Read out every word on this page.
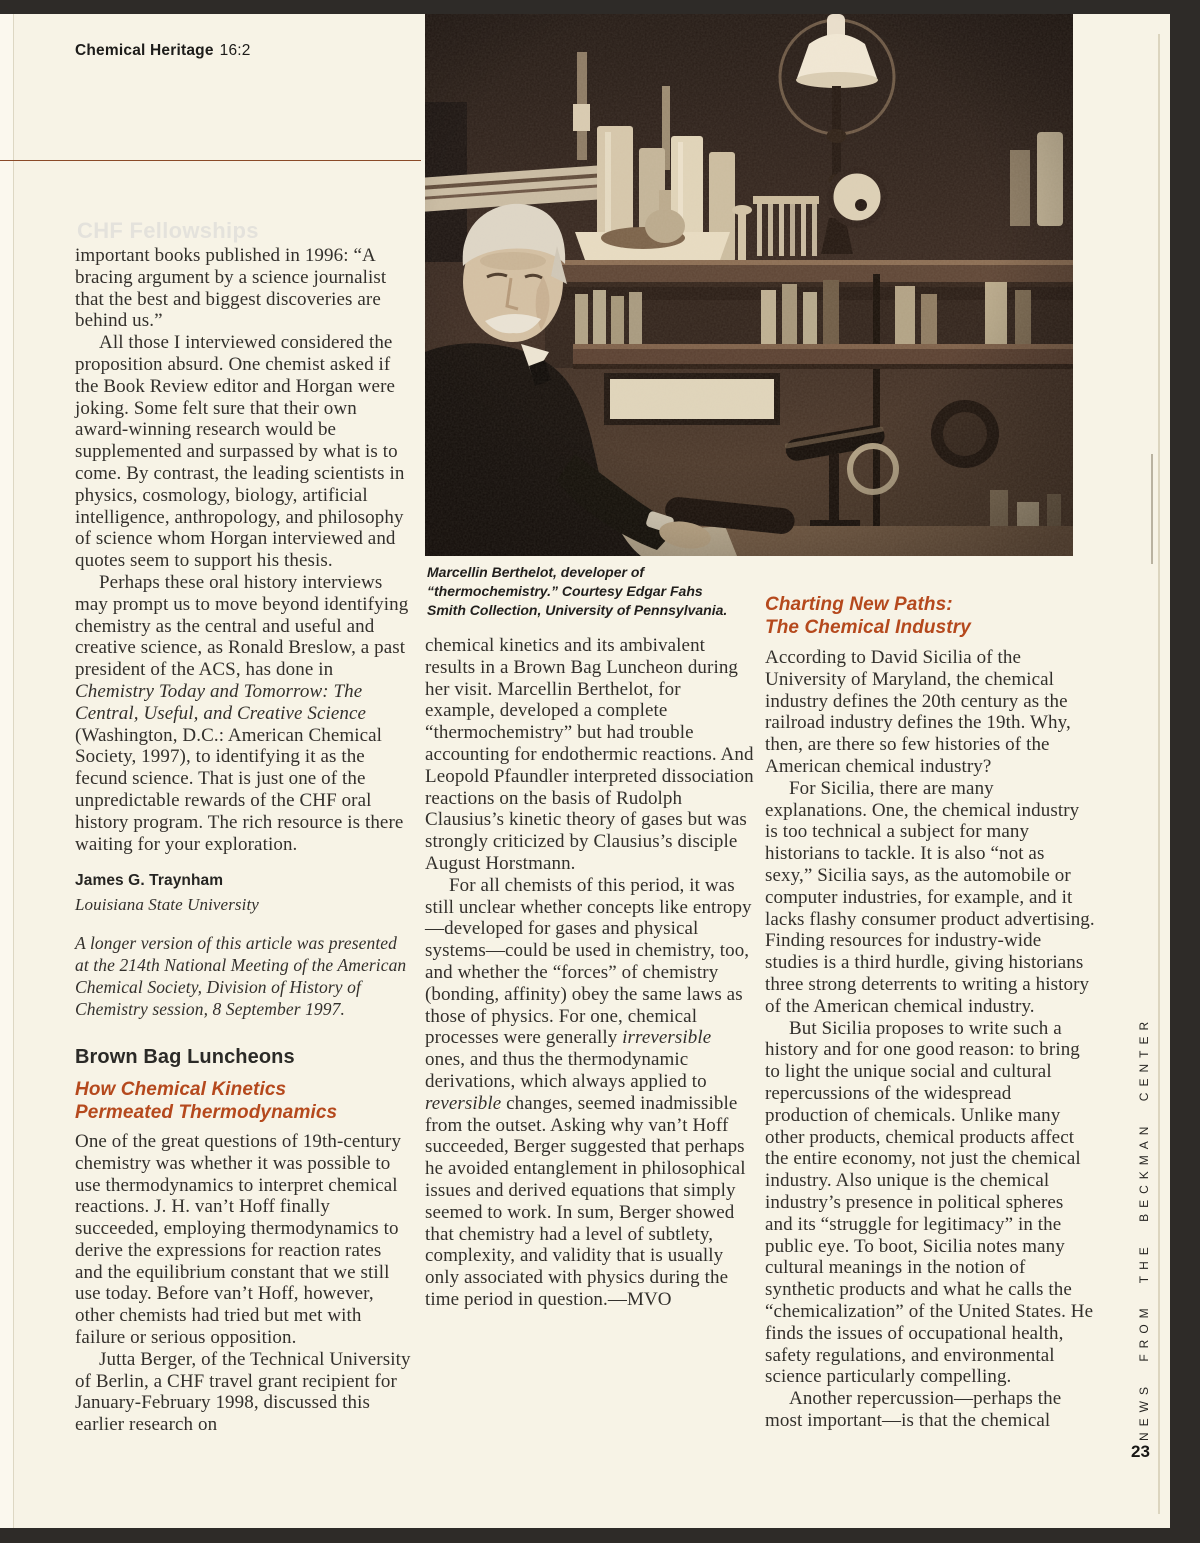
Chemical Heritage 16:2
CHF Fellowships
Marcellin Berthelot, developer of “thermochemistry.” Courtesy Edgar Fahs Smith Collection, University of Pennsylvania.

important books published in 1996: “A bracing argument by a science journalist that the best and biggest discoveries are behind us.”

All those I interviewed considered the proposition absurd. One chemist asked if the Book Review editor and Horgan were joking. Some felt sure that their own award-winning research would be supplemented and surpassed by what is to come. By contrast, the leading scientists in physics, cosmology, biology, artificial intelligence, anthropology, and philosophy of science whom Horgan interviewed and quotes seem to support his thesis.

Perhaps these oral history interviews may prompt us to move beyond identifying chemistry as the central and useful and creative science, as Ronald Breslow, a past president of the ACS, has done in Chemistry Today and Tomorrow: The Central, Useful, and Creative Science (Washington, D.C.: American Chemical Society, 1997), to identifying it as the fecund science. That is just one of the unpredictable rewards of the CHF oral history program. The rich resource is there waiting for your exploration.

James G. Traynham
Louisiana State University
A longer version of this article was presented at the 214th National Meeting of the American Chemical Society, Division of History of Chemistry session, 8 September 1997.
Brown Bag Luncheons
How Chemical Kinetics
Permeated Thermodynamics

One of the great questions of 19th-century chemistry was whether it was possible to use thermodynamics to interpret chemical reactions. J. H. van’t Hoff finally succeeded, employing thermodynamics to derive the expressions for reaction rates and the equilibrium constant that we still use today. Before van’t Hoff, however, other chemists had tried but met with failure or serious opposition.

Jutta Berger, of the Technical University of Berlin, a CHF travel grant recipient for January-February 1998, discussed this earlier research on

chemical kinetics and its ambivalent results in a Brown Bag Luncheon during her visit. Marcellin Berthelot, for example, developed a complete “thermochemistry” but had trouble accounting for endothermic reactions. And Leopold Pfaundler interpreted dissociation reactions on the basis of Rudolph Clausius’s kinetic theory of gases but was strongly criticized by Clausius’s disciple August Horstmann.

For all chemists of this period, it was still unclear whether concepts like entropy—developed for gases and physical systems—could be used in chemistry, too, and whether the “forces” of chemistry (bonding, affinity) obey the same laws as those of physics. For one, chemical processes were generally irreversible ones, and thus the thermodynamic derivations, which always applied to reversible changes, seemed inadmissible from the outset. Asking why van’t Hoff succeeded, Berger suggested that perhaps he avoided entanglement in philosophical issues and derived equations that simply seemed to work. In sum, Berger showed that chemistry had a level of subtlety, complexity, and validity that is usually only associated with physics during the time period in question.—MVO

Charting New Paths:
The Chemical Industry

According to David Sicilia of the University of Maryland, the chemical industry defines the 20th century as the railroad industry defines the 19th. Why, then, are there so few histories of the American chemical industry?

For Sicilia, there are many explanations. One, the chemical industry is too technical a subject for many historians to tackle. It is also “not as sexy,” Sicilia says, as the automobile or computer industries, for example, and it lacks flashy consumer product advertising. Finding resources for industry-wide studies is a third hurdle, giving historians three strong deterrents to writing a history of the American chemical industry.

But Sicilia proposes to write such a history and for one good reason: to bring to light the unique social and cultural repercussions of the widespread production of chemicals. Unlike many other products, chemical products affect the entire economy, not just the chemical industry. Also unique is the chemical industry’s presence in political spheres and its “struggle for legitimacy” in the public eye. To boot, Sicilia notes many cultural meanings in the notion of synthetic products and what he calls the “chemicalization” of the United States. He finds the issues of occupational health, safety regulations, and environmental science particularly compelling.

Another repercussion—perhaps the most important—is that the chemical	NEWS FROM THE BECKMAN CENTER
23
